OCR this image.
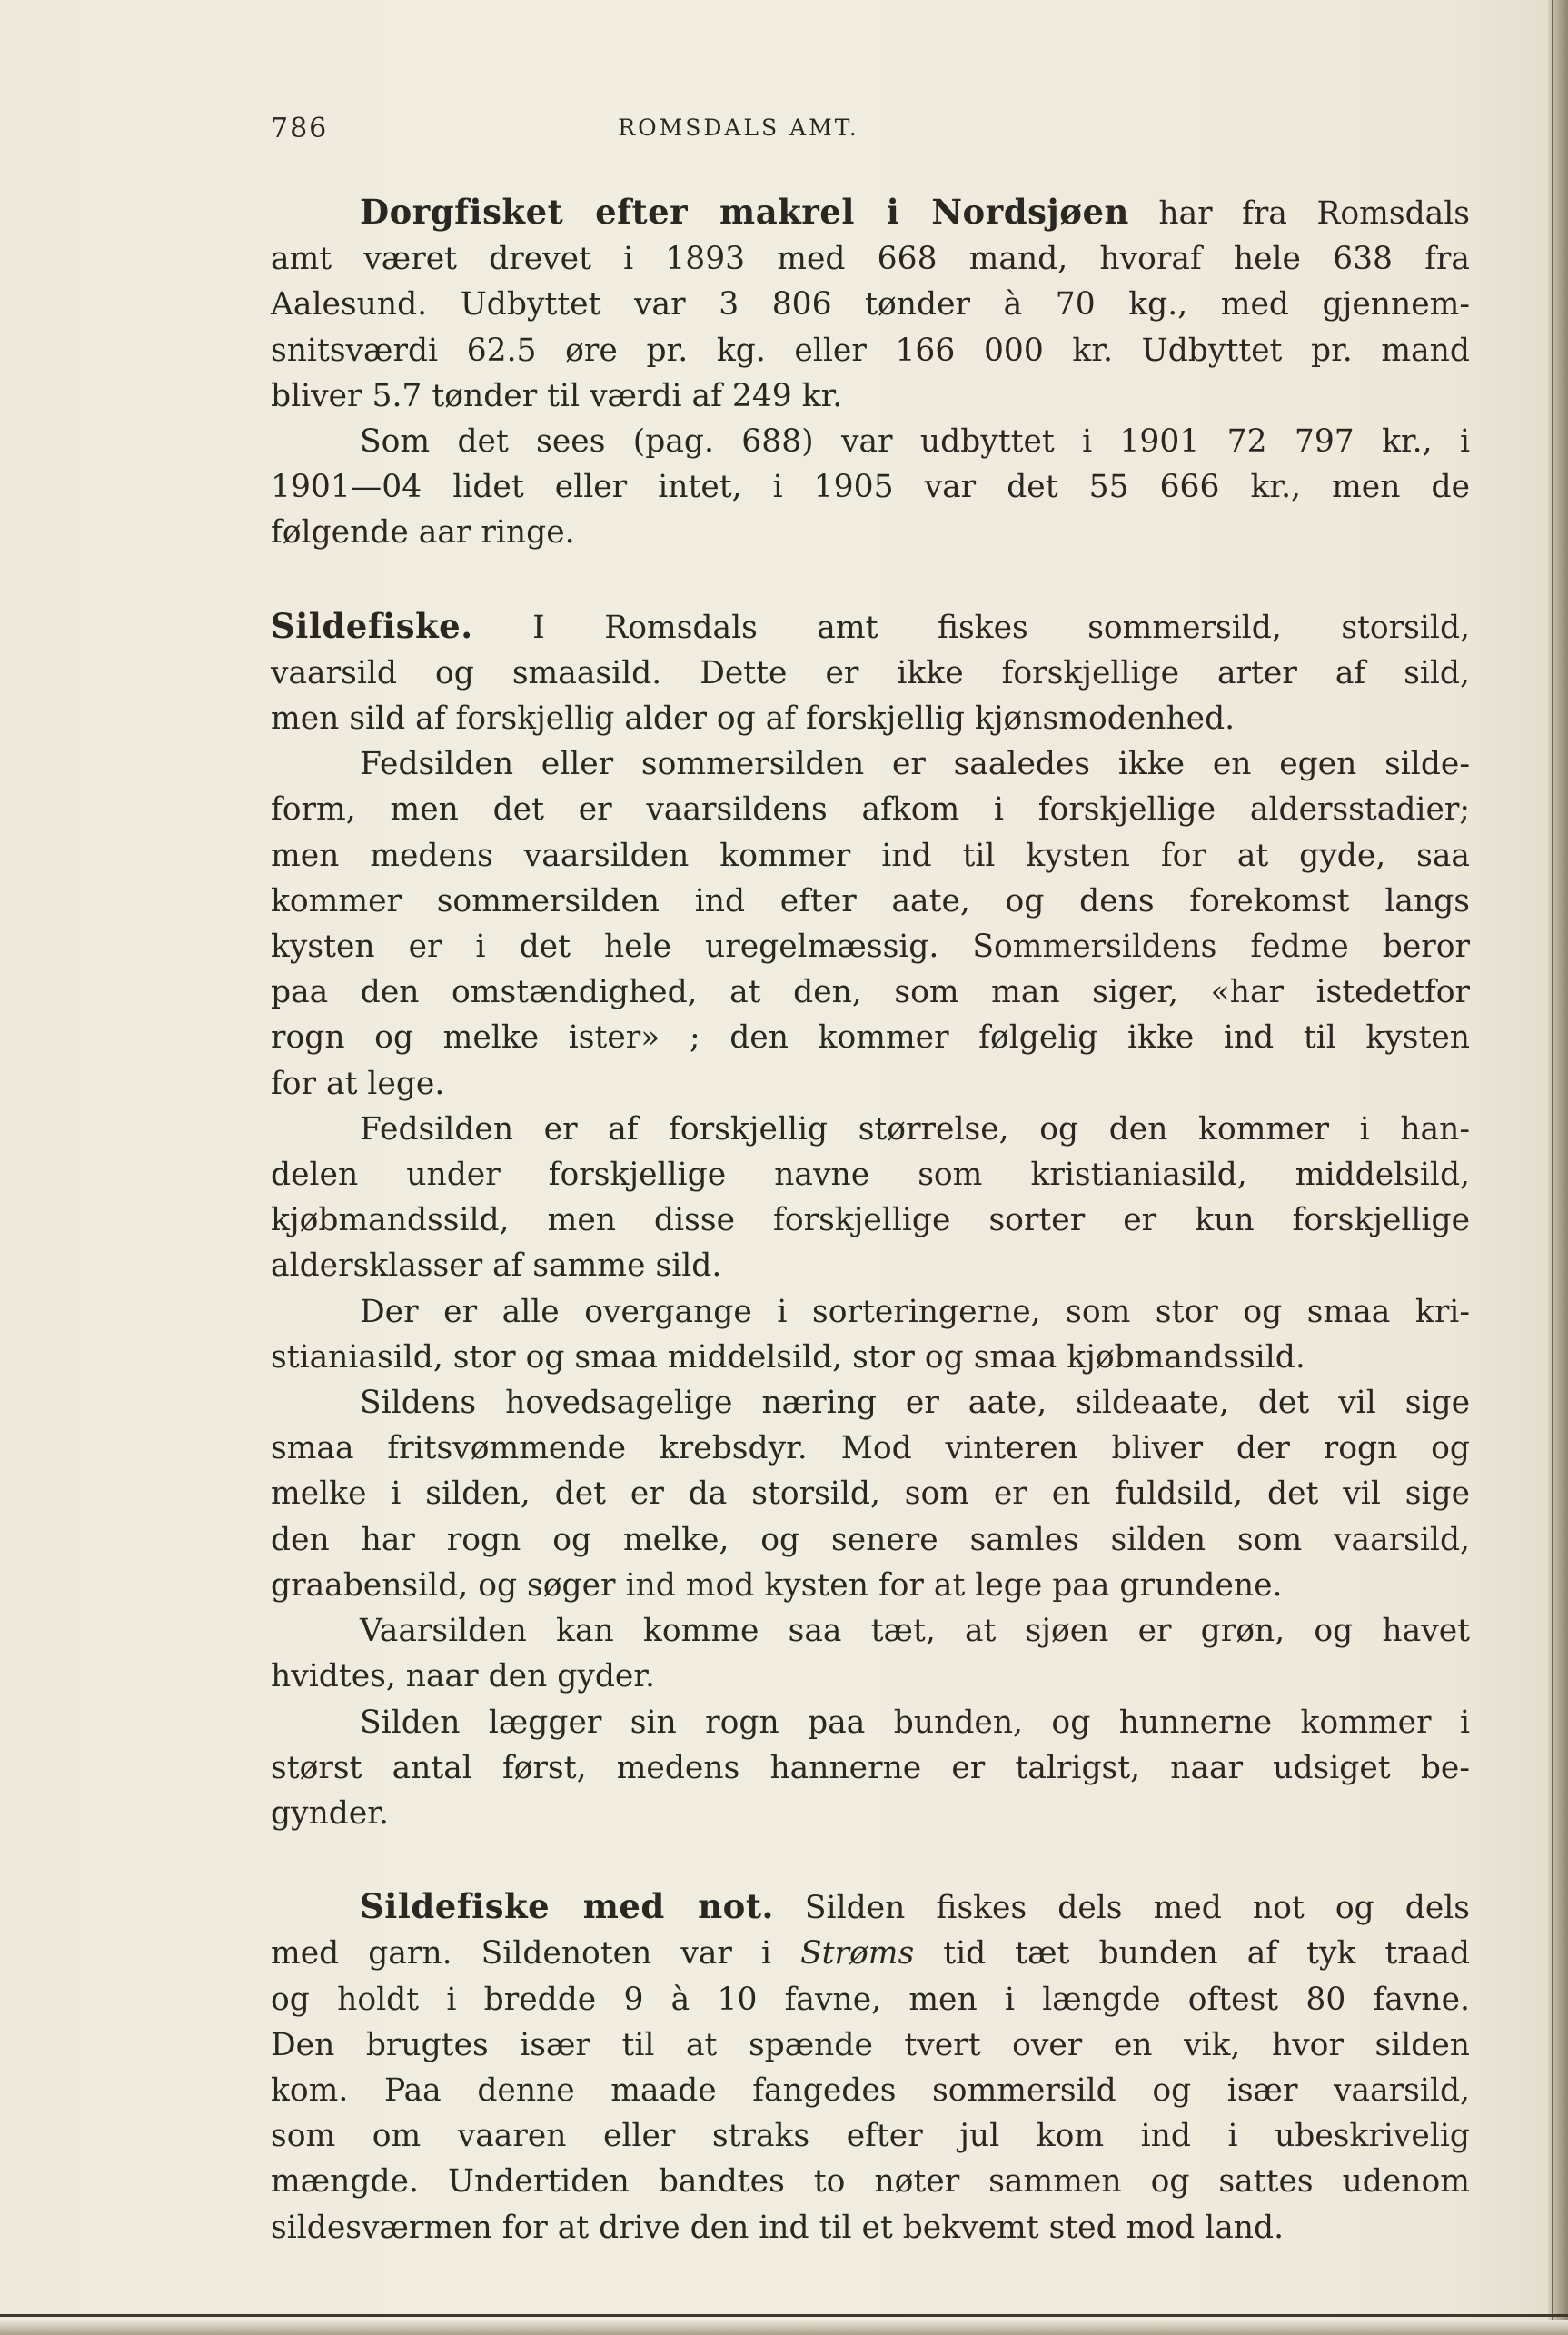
786	ROMSDALS AMT.

Dorgfisket efter makrel i Nordsjøen har fra Romsdals
amt været drevet i 1893 med 668 mand, hvoraf hele 638 fra
Aalesund. Udbyttet var 3 806 tønder à 70 kg., med gjennem-
snitsværdi 62.5 øre pr. kg. eller 166 000 kr. Udbyttet pr. mand
bliver 5.7 tønder til værdi af 249 kr.

Som det sees (pag. 688) var udbyttet i 1901 72 797 kr., i
1901—04 lidet eller intet, i 1905 var det 55 666 kr., men de
følgende aar ringe.

Sildefiske. I Romsdals amt fiskes sommersild, storsild,
vaarsild og smaasild. Dette er ikke forskjellige arter af sild,
men sild af forskjellig alder og af forskjellig kjønsmodenhed.

Fedsilden eller sommersilden er saaledes ikke en egen silde-
form, men det er vaarsildens afkom i forskjellige aldersstadier;
men medens vaarsilden kommer ind til kysten for at gyde, saa
kommer sommersilden ind efter aate, og dens forekomst langs
kysten er i det hele uregelmæssig. Sommersildens fedme beror
paa den omstændighed, at den, som man siger, «har istedetfor
rogn og melke ister» ; den kommer følgelig ikke ind til kysten
for at lege.

Fedsilden er af forskjellig størrelse, og den kommer i han-
delen under forskjellige navne som kristianiasild, middelsild,
kjøbmandssild, men disse forskjellige sorter er kun forskjellige
aldersklasser af samme sild.

Der er alle overgange i sorteringerne, som stor og smaa kri-
stianiasild, stor og smaa middelsild, stor og smaa kjøbmandssild.

Sildens hovedsagelige næring er aate, sildeaate, det vil sige
smaa fritsvømmende krebsdyr. Mod vinteren bliver der rogn og
melke i silden, det er da storsild, som er en fuldsild, det vil sige
den har rogn og melke, og senere samles silden som vaarsild,
graabensild, og søger ind mod kysten for at lege paa grundene.

Vaarsilden kan komme saa tæt, at sjøen er grøn, og havet
hvidtes, naar den gyder.

Silden lægger sin rogn paa bunden, og hunnerne kommer i
størst antal først, medens hannerne er talrigst, naar udsiget be-
gynder.

Sildefiske med not. Silden fiskes dels med not og dels
med garn. Sildenoten var i Strøms tid tæt bunden af tyk traad
og holdt i bredde 9 à 10 favne, men i længde oftest 80 favne.
Den brugtes især til at spænde tvert over en vik, hvor silden
kom. Paa denne maade fangedes sommersild og især vaarsild,
som om vaaren eller straks efter jul kom ind i ubeskrivelig
mængde. Undertiden bandtes to nøter sammen og sattes udenom
sildesværmen for at drive den ind til et bekvemt sted mod land.
